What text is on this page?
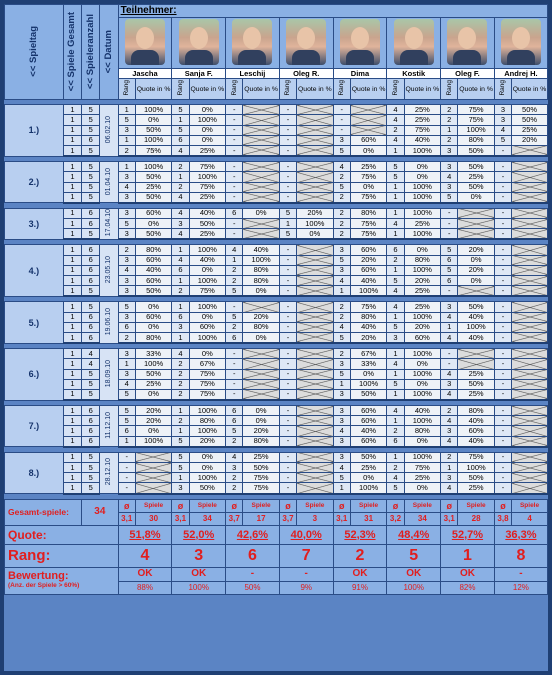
<< Spieltag	<< Spiele Gesamt	<< Spieleranzahl	<< Datum	Teilnehmer:															

				Jascha		Sanja F.		Leschij		Oleg R.		Dima		Kostik		Oleg F.		Andrej H.	
				Rang	Quote in %	Rang	Quote in %	Rang	Quote in %	Rang	Quote in %	Rang	Quote in %	Rang	Quote in %	Rang	Quote in %	Rang	Quote in %

1.)	1	5	06.02.10	1	100%	5	0%	-		-		-		4	25%	2	75%	3	50%
	1	5		5	0%	1	100%	-		-		-		4	25%	2	75%	3	50%
	1	5		3	50%	5	0%	-		-		-		2	75%	1	100%	4	25%
	1	6		1	100%	6	0%	-		-		3	60%	4	40%	2	80%	5	20%
	1	5		2	75%	4	25%	-		-		5	0%	1	100%	3	50%	-	

2.)	1	5	01.04.10	1	100%	2	75%	-		-		4	25%	5	0%	3	50%	-	
	1	5		3	50%	1	100%	-		-		2	75%	5	0%	4	25%	-	
	1	5		4	25%	2	75%	-		-		5	0%	1	100%	3	50%	-	
	1	5		3	50%	4	25%	-		-		2	75%	1	100%	5	0%	-	

3.)	1	6	17.04.10	3	60%	4	40%	6	0%	5	20%	2	80%	1	100%	-		-	
	1	6		5	0%	3	50%	-		1	100%	2	75%	4	25%	-		-	
	1	5		3	50%	4	25%	-		5	0%	2	75%	1	100%	-		-	

4.)	1	6	23.05.10	2	80%	1	100%	4	40%	-		3	60%	6	0%	5	20%	-	
	1	6		3	60%	4	40%	1	100%	-		5	20%	2	80%	6	0%	-	
	1	6		4	40%	6	0%	2	80%	-		3	60%	1	100%	5	20%	-	
	1	6		3	60%	1	100%	2	80%	-		4	40%	5	20%	6	0%	-	
	1	5		3	50%	2	75%	5	0%	-		1	100%	4	25%	-		-	

5.)	1	5	19.06.10	5	0%	1	100%	-		-		2	75%	4	25%	3	50%	-	
	1	6		3	60%	6	0%	5	20%	-		2	80%	1	100%	4	40%	-	
	1	6		6	0%	3	60%	2	80%	-		4	40%	5	20%	1	100%	-	
	1	6		2	80%	1	100%	6	0%	-		5	20%	3	60%	4	40%	-	

6.)	1	4	18.09.10	3	33%	4	0%	-		-		2	67%	1	100%	-		-	
	1	4		1	100%	2	67%	-		-		3	33%	4	0%	-		-	
	1	5		3	50%	2	75%	-		-		5	0%	1	100%	4	25%	-	
	1	5		4	25%	2	75%	-		-		1	100%	5	0%	3	50%	-	
	1	5		5	0%	2	75%	-		-		3	50%	1	100%	4	25%	-	

7.)	1	6	11.12.10	5	20%	1	100%	6	0%	-		3	60%	4	40%	2	80%	-	
	1	6		5	20%	2	80%	6	0%	-		3	60%	1	100%	4	40%	-	
	1	6		6	0%	1	100%	5	20%	-		4	40%	2	80%	3	60%	-	
	1	6		1	100%	5	20%	2	80%	-		3	60%	6	0%	4	40%	-	

8.)	1	5	28.12.10	-		5	0%	4	25%	-		3	50%	1	100%	2	75%	-	
	1	5		-		5	0%	3	50%	-		4	25%	2	75%	1	100%	-	
	1	5		-		1	100%	2	75%	-		5	0%	4	25%	3	50%	-	
	1	5		-		3	50%	2	75%	-		1	100%	5	0%	4	25%	-	

Gesamt-spiele:		34		ø	Spiele	ø	Spiele	ø	Spiele	ø	Spiele	ø	Spiele	ø	Spiele	ø	Spiele	ø	Spiele
				3,1	30	3,1	34	3,7	17	3,7	3	3,1	31	3,2	34	3,1	28	3,8	4
Quote:				51,8%		52,0%		42,6%		40,0%		52,3%		48,4%		52,7%		36,3%	
Rang:				4		3		6		7		2		5		1		8	

Bewertung:
(Anz. der Spiele > 60%)				OK		OK		-		-		OK		OK		OK		-	
				88%		100%		50%		9%		91%		100%		82%		12%	
